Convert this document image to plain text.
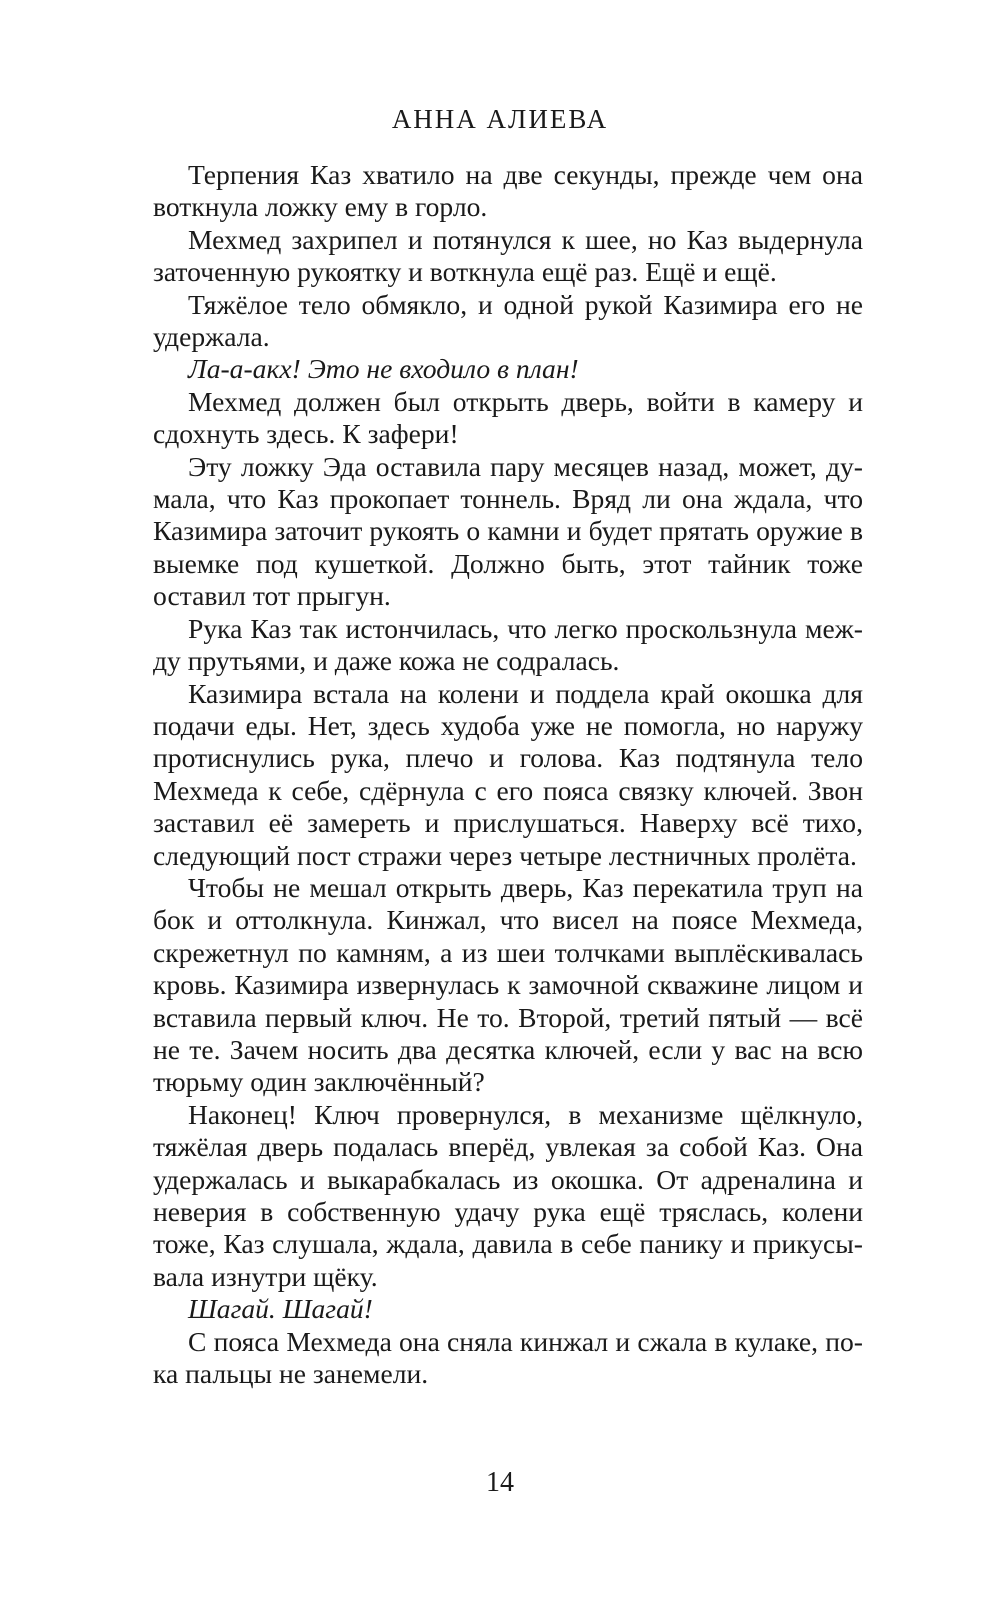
АННА АЛИЕВА

Терпения Каз хватило на две секунды, прежде чем она воткнула ложку ему в горло.

Мехмед захрипел и потянулся к шее, но Каз выдернула заточенную рукоятку и воткнула ещё раз. Ещё и ещё.

Тяжёлое тело обмякло, и одной рукой Казимира его не удержала.

Ла-а-акх! Это не входило в план!

Мехмед должен был открыть дверь, войти в камеру и сдохнуть здесь. К зафери!

Эту ложку Эда оставила пару месяцев назад, может, думала, что Каз прокопает тоннель. Вряд ли она ждала, что Казимира заточит рукоять о камни и будет прятать оружие в выемке под кушеткой. Должно быть, этот тайник тоже оставил тот прыгун.

Рука Каз так истончилась, что легко проскользнула между прутьями, и даже кожа не содралась.

Казимира встала на колени и поддела край окошка для подачи еды. Нет, здесь худоба уже не помогла, но наружу протиснулись рука, плечо и голова. Каз подтянула тело Мехмеда к себе, сдёрнула с его пояса связку ключей. Звон заставил её замереть и прислушаться. Наверху всё тихо, следующий пост стражи через четыре лестничных пролёта.

Чтобы не мешал открыть дверь, Каз перекатила труп на бок и оттолкнула. Кинжал, что висел на поясе Мехмеда, скрежетнул по камням, а из шеи толчками выплёскивалась кровь. Казимира извернулась к замочной скважине лицом и вставила первый ключ. Не то. Второй, третий пятый — всё не те. Зачем носить два десятка ключей, если у вас на всю тюрьму один заключённый?

Наконец! Ключ провернулся, в механизме щёлкнуло, тяжёлая дверь подалась вперёд, увлекая за собой Каз. Она удержалась и выкарабкалась из окошка. От адреналина и неверия в собственную удачу рука ещё тряслась, колени тоже, Каз слушала, ждала, давила в себе панику и прикусывала изнутри щёку.

Шагай. Шагай!

С пояса Мехмеда она сняла кинжал и сжала в кулаке, пока пальцы не занемели.

14
